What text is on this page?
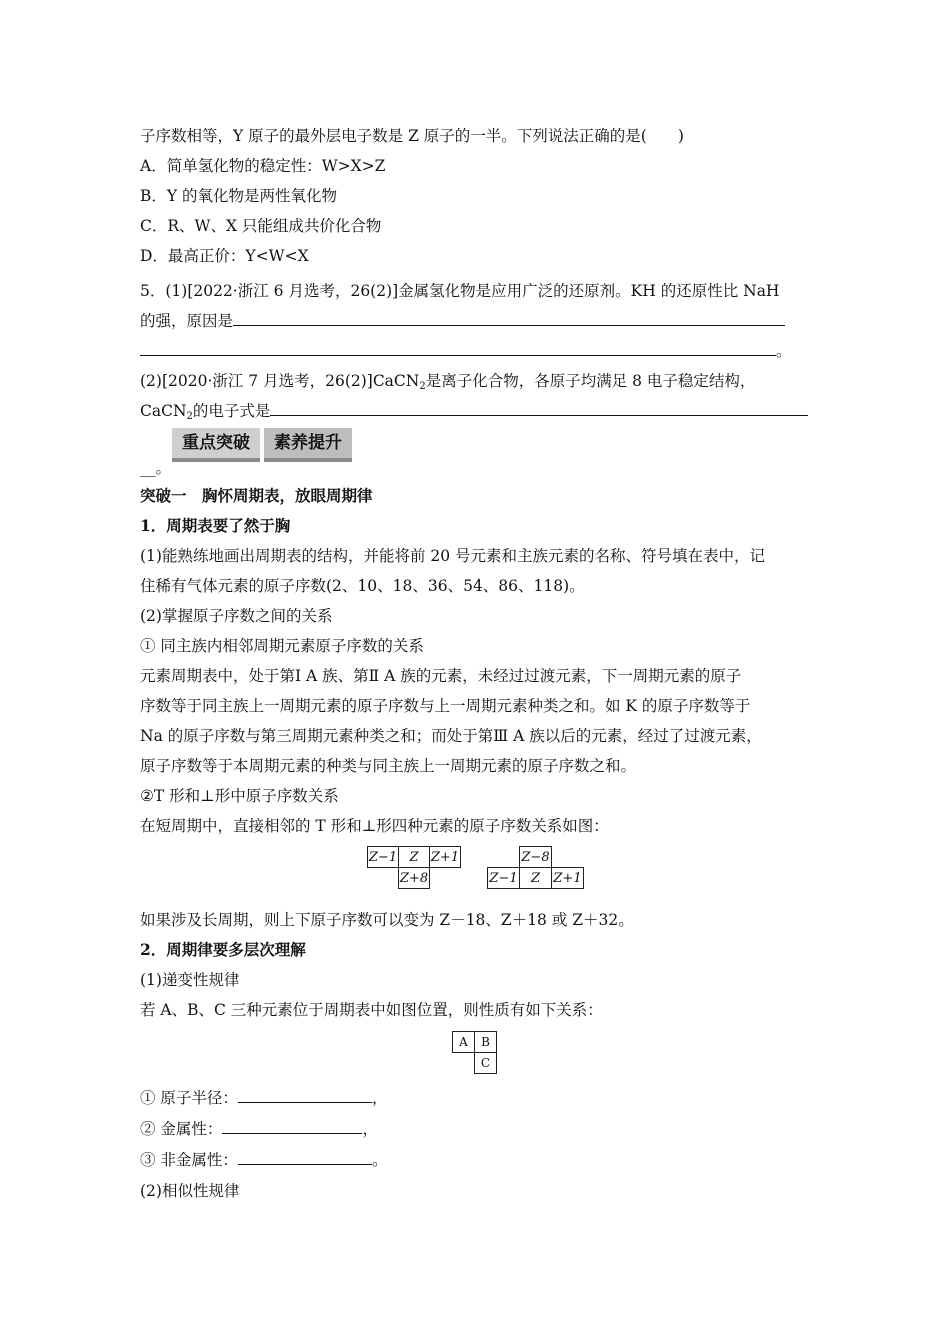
子序数相等，Y 原子的最外层电子数是 Z 原子的一半。下列说法正确的是(　　)
A．简单氢化物的稳定性：W>X>Z
B．Y 的氧化物是两性氧化物
C．R、W、X 只能组成共价化合物
D．最高正价：Y<W<X
5．(1)[2022·浙江 6 月选考，26(2)]金属氢化物是应用广泛的还原剂。KH 的还原性比 NaH
的强，原因是
。
(2)[2020·浙江 7 月选考，26(2)]CaCN$_2$是离子化合物，各原子均满足 8 电子稳定结构，
CaCN$_2$的电子式是
重点突破	素养提升
__。
突破一　胸怀周期表，放眼周期律
1．周期表要了然于胸
(1)能熟练地画出周期表的结构，并能将前 20 号元素和主族元素的名称、符号填在表中，记
住稀有气体元素的原子序数(2、10、18、36、54、86、118)。
(2)掌握原子序数之间的关系
① 同主族内相邻周期元素原子序数的关系
元素周期表中，处于第Ⅰ A 族、第Ⅱ A 族的元素，未经过过渡元素，下一周期元素的原子
序数等于同主族上一周期元素的原子序数与上一周期元素种类之和。如 K 的原子序数等于
Na 的原子序数与第三周期元素种类之和；而处于第Ⅲ A 族以后的元素，经过了过渡元素，
原子序数等于本周期元素的种类与同主族上一周期元素的原子序数之和。
②T 形和⊥形中原子序数关系
在短周期中，直接相邻的 T 形和⊥形四种元素的原子序数关系如图：
Z−1	Z	Z+1
	Z+8	
	Z−8	
Z−1	Z	Z+1
如果涉及长周期，则上下原子序数可以变为 Z－18、Z＋18 或 Z＋32。
2．周期律要多层次理解
(1)递变性规律
若 A、B、C 三种元素位于周期表中如图位置，则性质有如下关系：
A	B
	C
① 原子半径：	，
② 金属性：	，
③ 非金属性：	。
(2)相似性规律
